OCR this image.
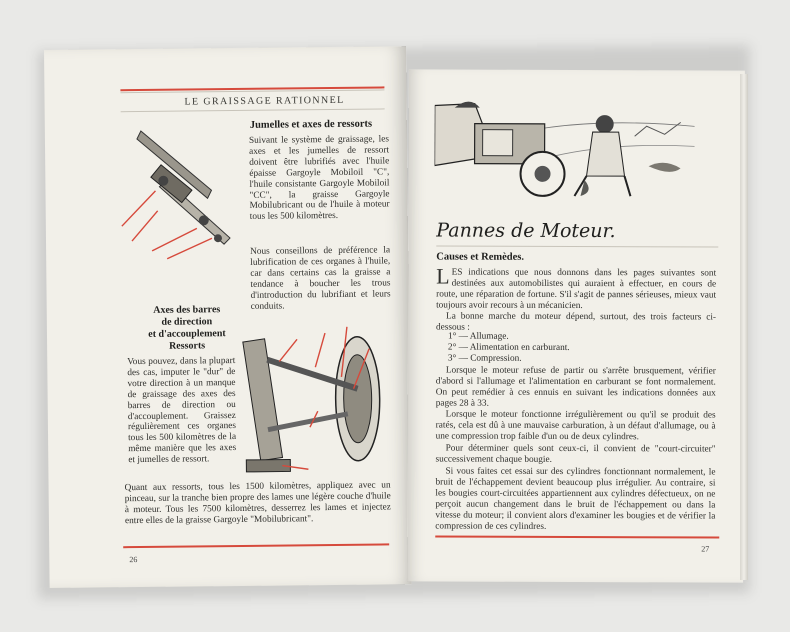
LE GRAISSAGE RATIONNEL
Jumelles et axes de ressorts
Suivant le système de graissage, les axes et les jumelles de ressort doivent être lubrifiés avec l'huile épaisse Gargoyle Mobiloil "C", l'huile consistante Gargoyle Mobiloil "CC", la graisse Gargoyle Mobilubricant ou de l'huile à moteur tous les 500 kilomètres.
Nous conseillons de préférence la lubrification de ces organes à l'huile, car dans certains cas la graisse a tendance à boucher les trous d'introduction du lubrifiant et leurs conduits.
Axes des barres
de direction
et d'accouplement
Ressorts
Vous pouvez, dans la plupart des cas, imputer le "dur" de votre direction à un manque de graissage des axes des barres de direction ou d'accouplement. Graissez régulièrement ces organes tous les 500 kilomètres de la même manière que les axes et jumelles de ressort.
Quant aux ressorts, tous les 1500 kilomètres, appliquez avec un pinceau, sur la tranche bien propre des lames une légère couche d'huile à moteur. Tous les 7500 kilomètres, desserrez les lames et injectez entre elles de la graisse Gargoyle "Mobilubricant".
26
Pannes de Moteur.
Causes et Remèdes.
LES indications que nous donnons dans les pages suivantes sont destinées aux automobilistes qui auraient à effectuer, en cours de route, une réparation de fortune. S'il s'agit de pannes sérieuses, mieux vaut toujours avoir recours à un mécanicien.
La bonne marche du moteur dépend, surtout, des trois facteurs ci-dessous :
1° — Allumage.
2° — Alimentation en carburant.
3° — Compression.
Lorsque le moteur refuse de partir ou s'arrête brusquement, vérifier d'abord si l'allumage et l'alimentation en carburant se font normalement. On peut remédier à ces ennuis en suivant les indications données aux pages 28 à 33.
Lorsque le moteur fonctionne irrégulièrement ou qu'il se produit des ratés, cela est dû à une mauvaise carburation, à un défaut d'allumage, ou à une compression trop faible d'un ou de deux cylindres.
Pour déterminer quels sont ceux-ci, il convient de "court-circuiter" successivement chaque bougie.
Si vous faites cet essai sur des cylindres fonctionnant normalement, le bruit de l'échappement devient beaucoup plus irrégulier. Au contraire, si les bougies court-circuitées appartiennent aux cylindres défectueux, on ne perçoit aucun changement dans le bruit de l'échappement ou dans la vitesse du moteur; il convient alors d'examiner les bougies et de vérifier la compression de ces cylindres.
27
